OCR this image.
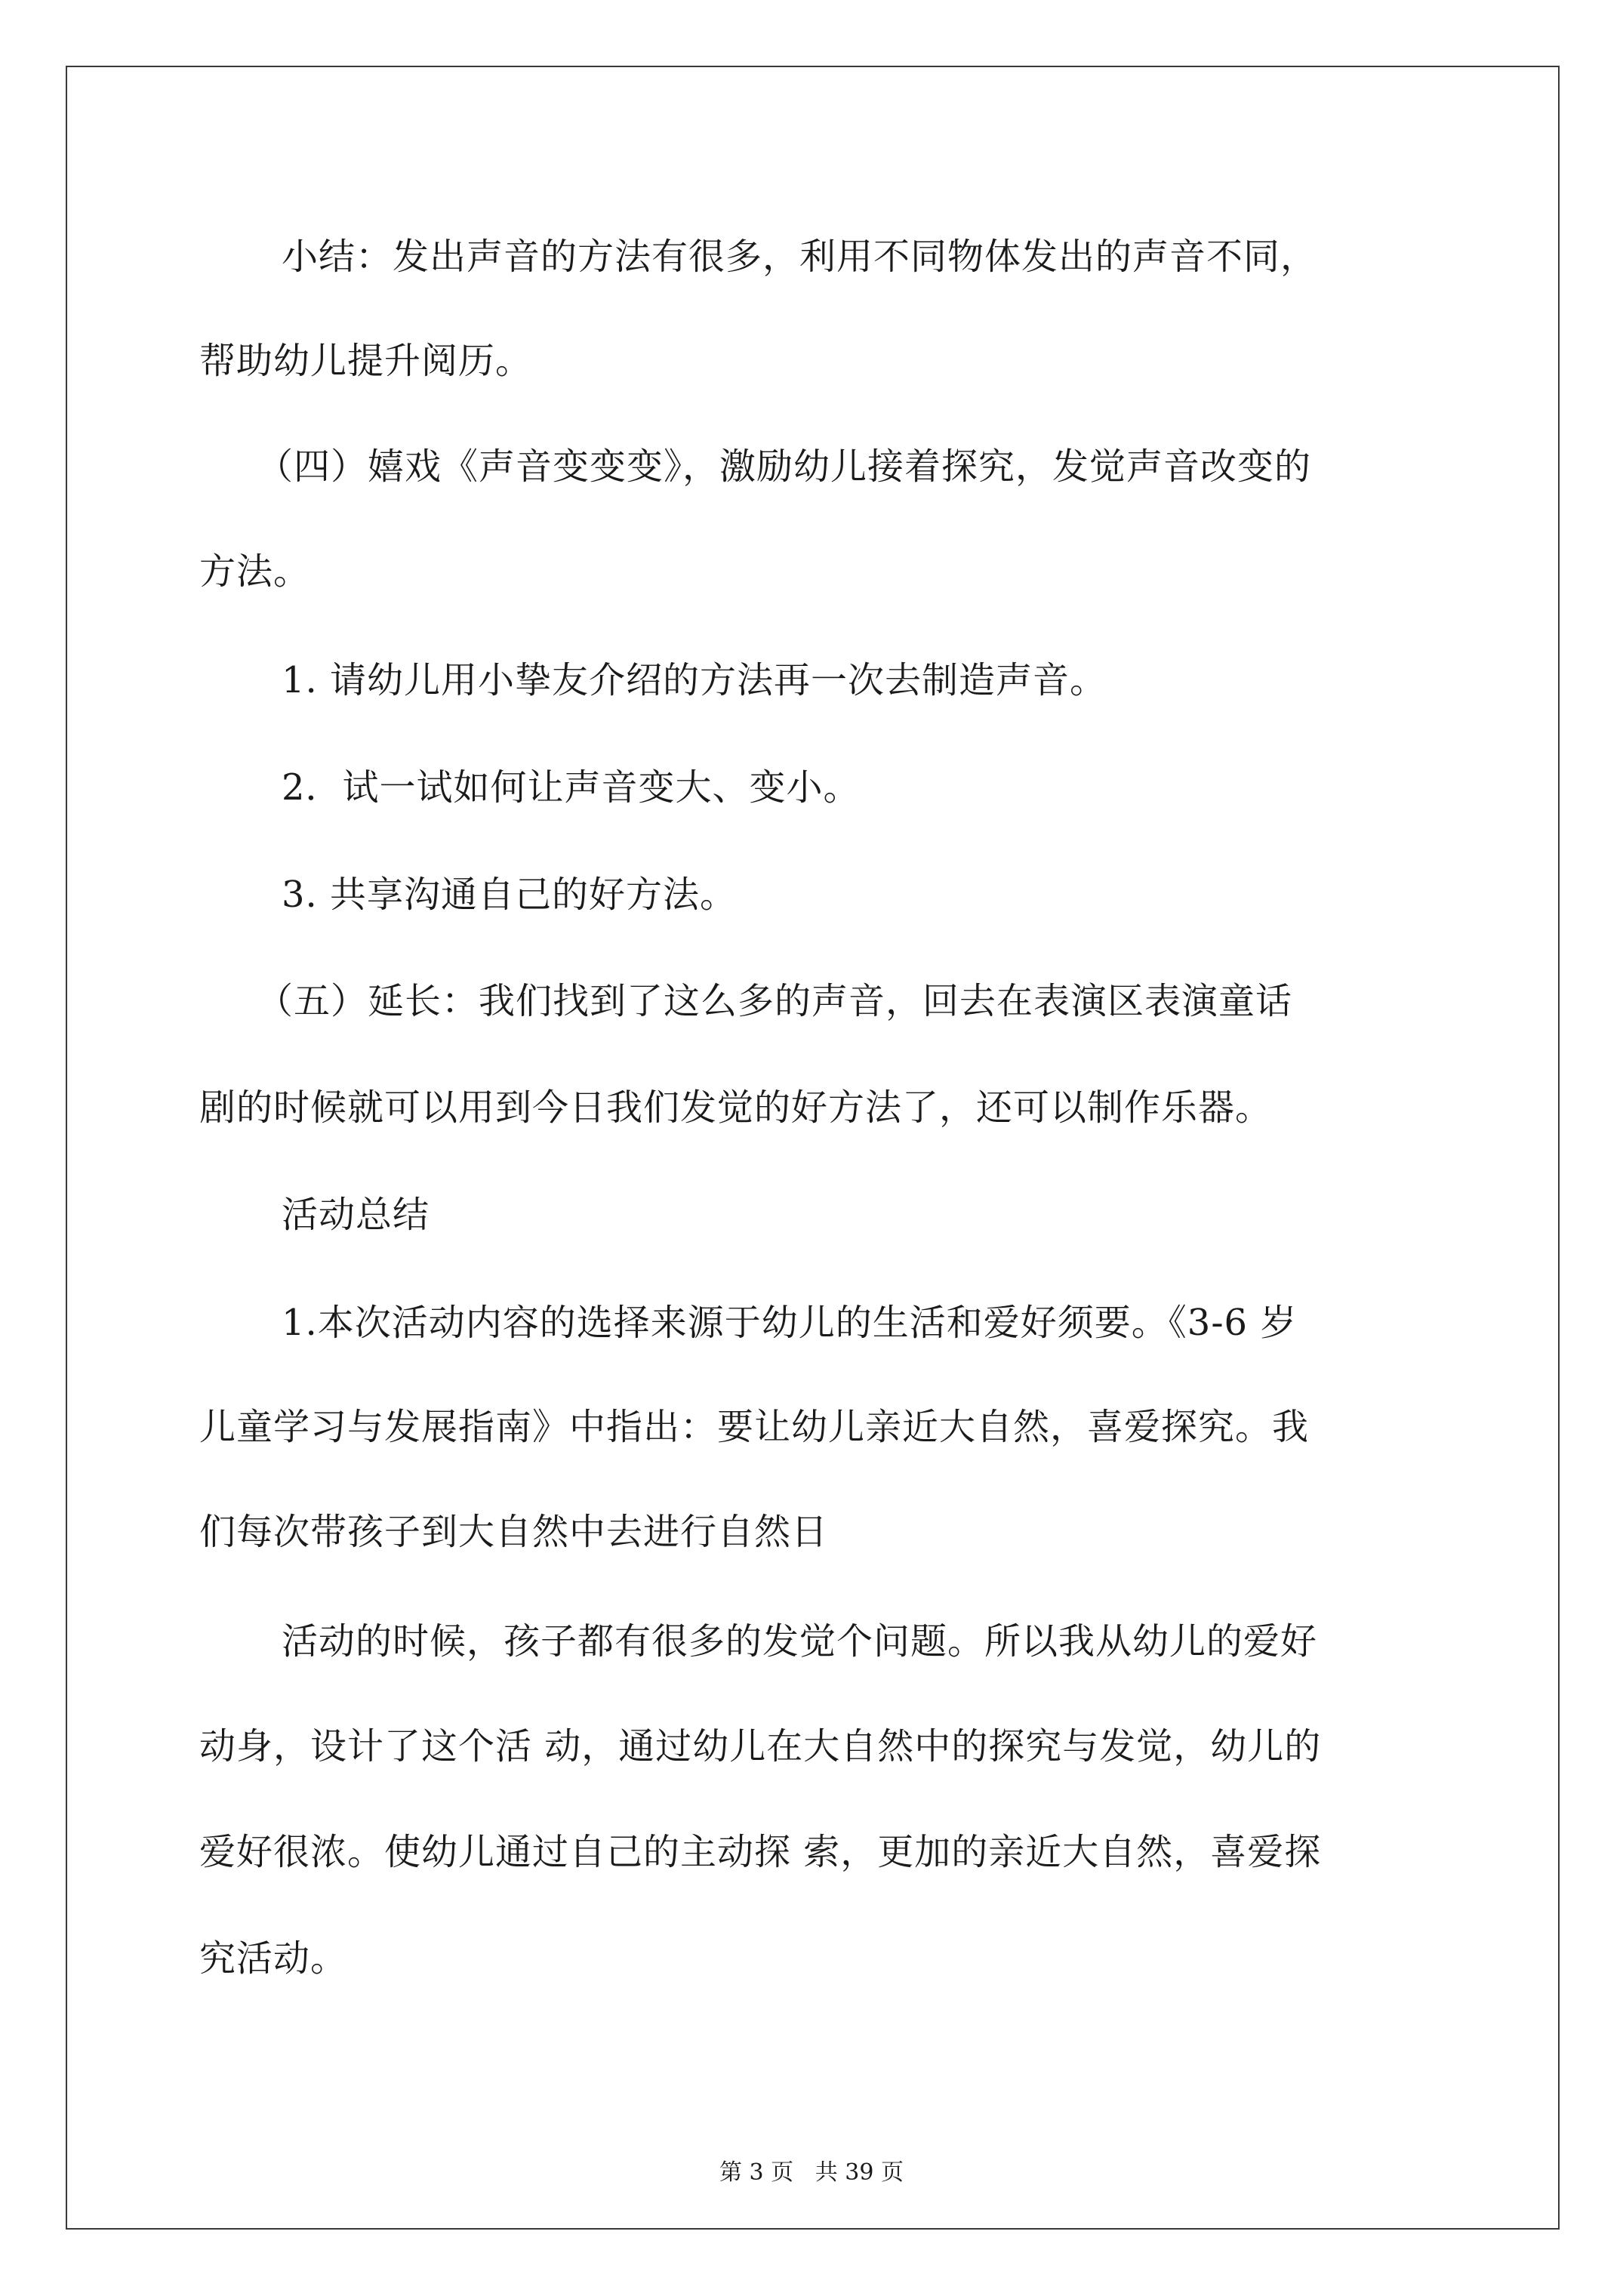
小结：发出声音的方法有很多，利用不同物体发出的声音不同，
帮助幼儿提升阅历。
（四）嬉戏《声音变变变》，激励幼儿接着探究，发觉声音改变的
方法。
1. 请幼儿用小挚友介绍的方法再一次去制造声音。
2．试一试如何让声音变大、变小。
3. 共享沟通自己的好方法。
（五）延长：我们找到了这么多的声音，回去在表演区表演童话
剧的时候就可以用到今日我们发觉的好方法了，还可以制作乐器。
活动总结
1.本次活动内容的选择来源于幼儿的生活和爱好须要。《3-6 岁
儿童学习与发展指南》中指出：要让幼儿亲近大自然，喜爱探究。我
们每次带孩子到大自然中去进行自然日
活动的时候，孩子都有很多的发觉个问题。所以我从幼儿的爱好
动身，设计了这个活 动，通过幼儿在大自然中的探究与发觉，幼儿的
爱好很浓。使幼儿通过自己的主动探 索，更加的亲近大自然，喜爱探
究活动。
第 3 页   共 39 页
